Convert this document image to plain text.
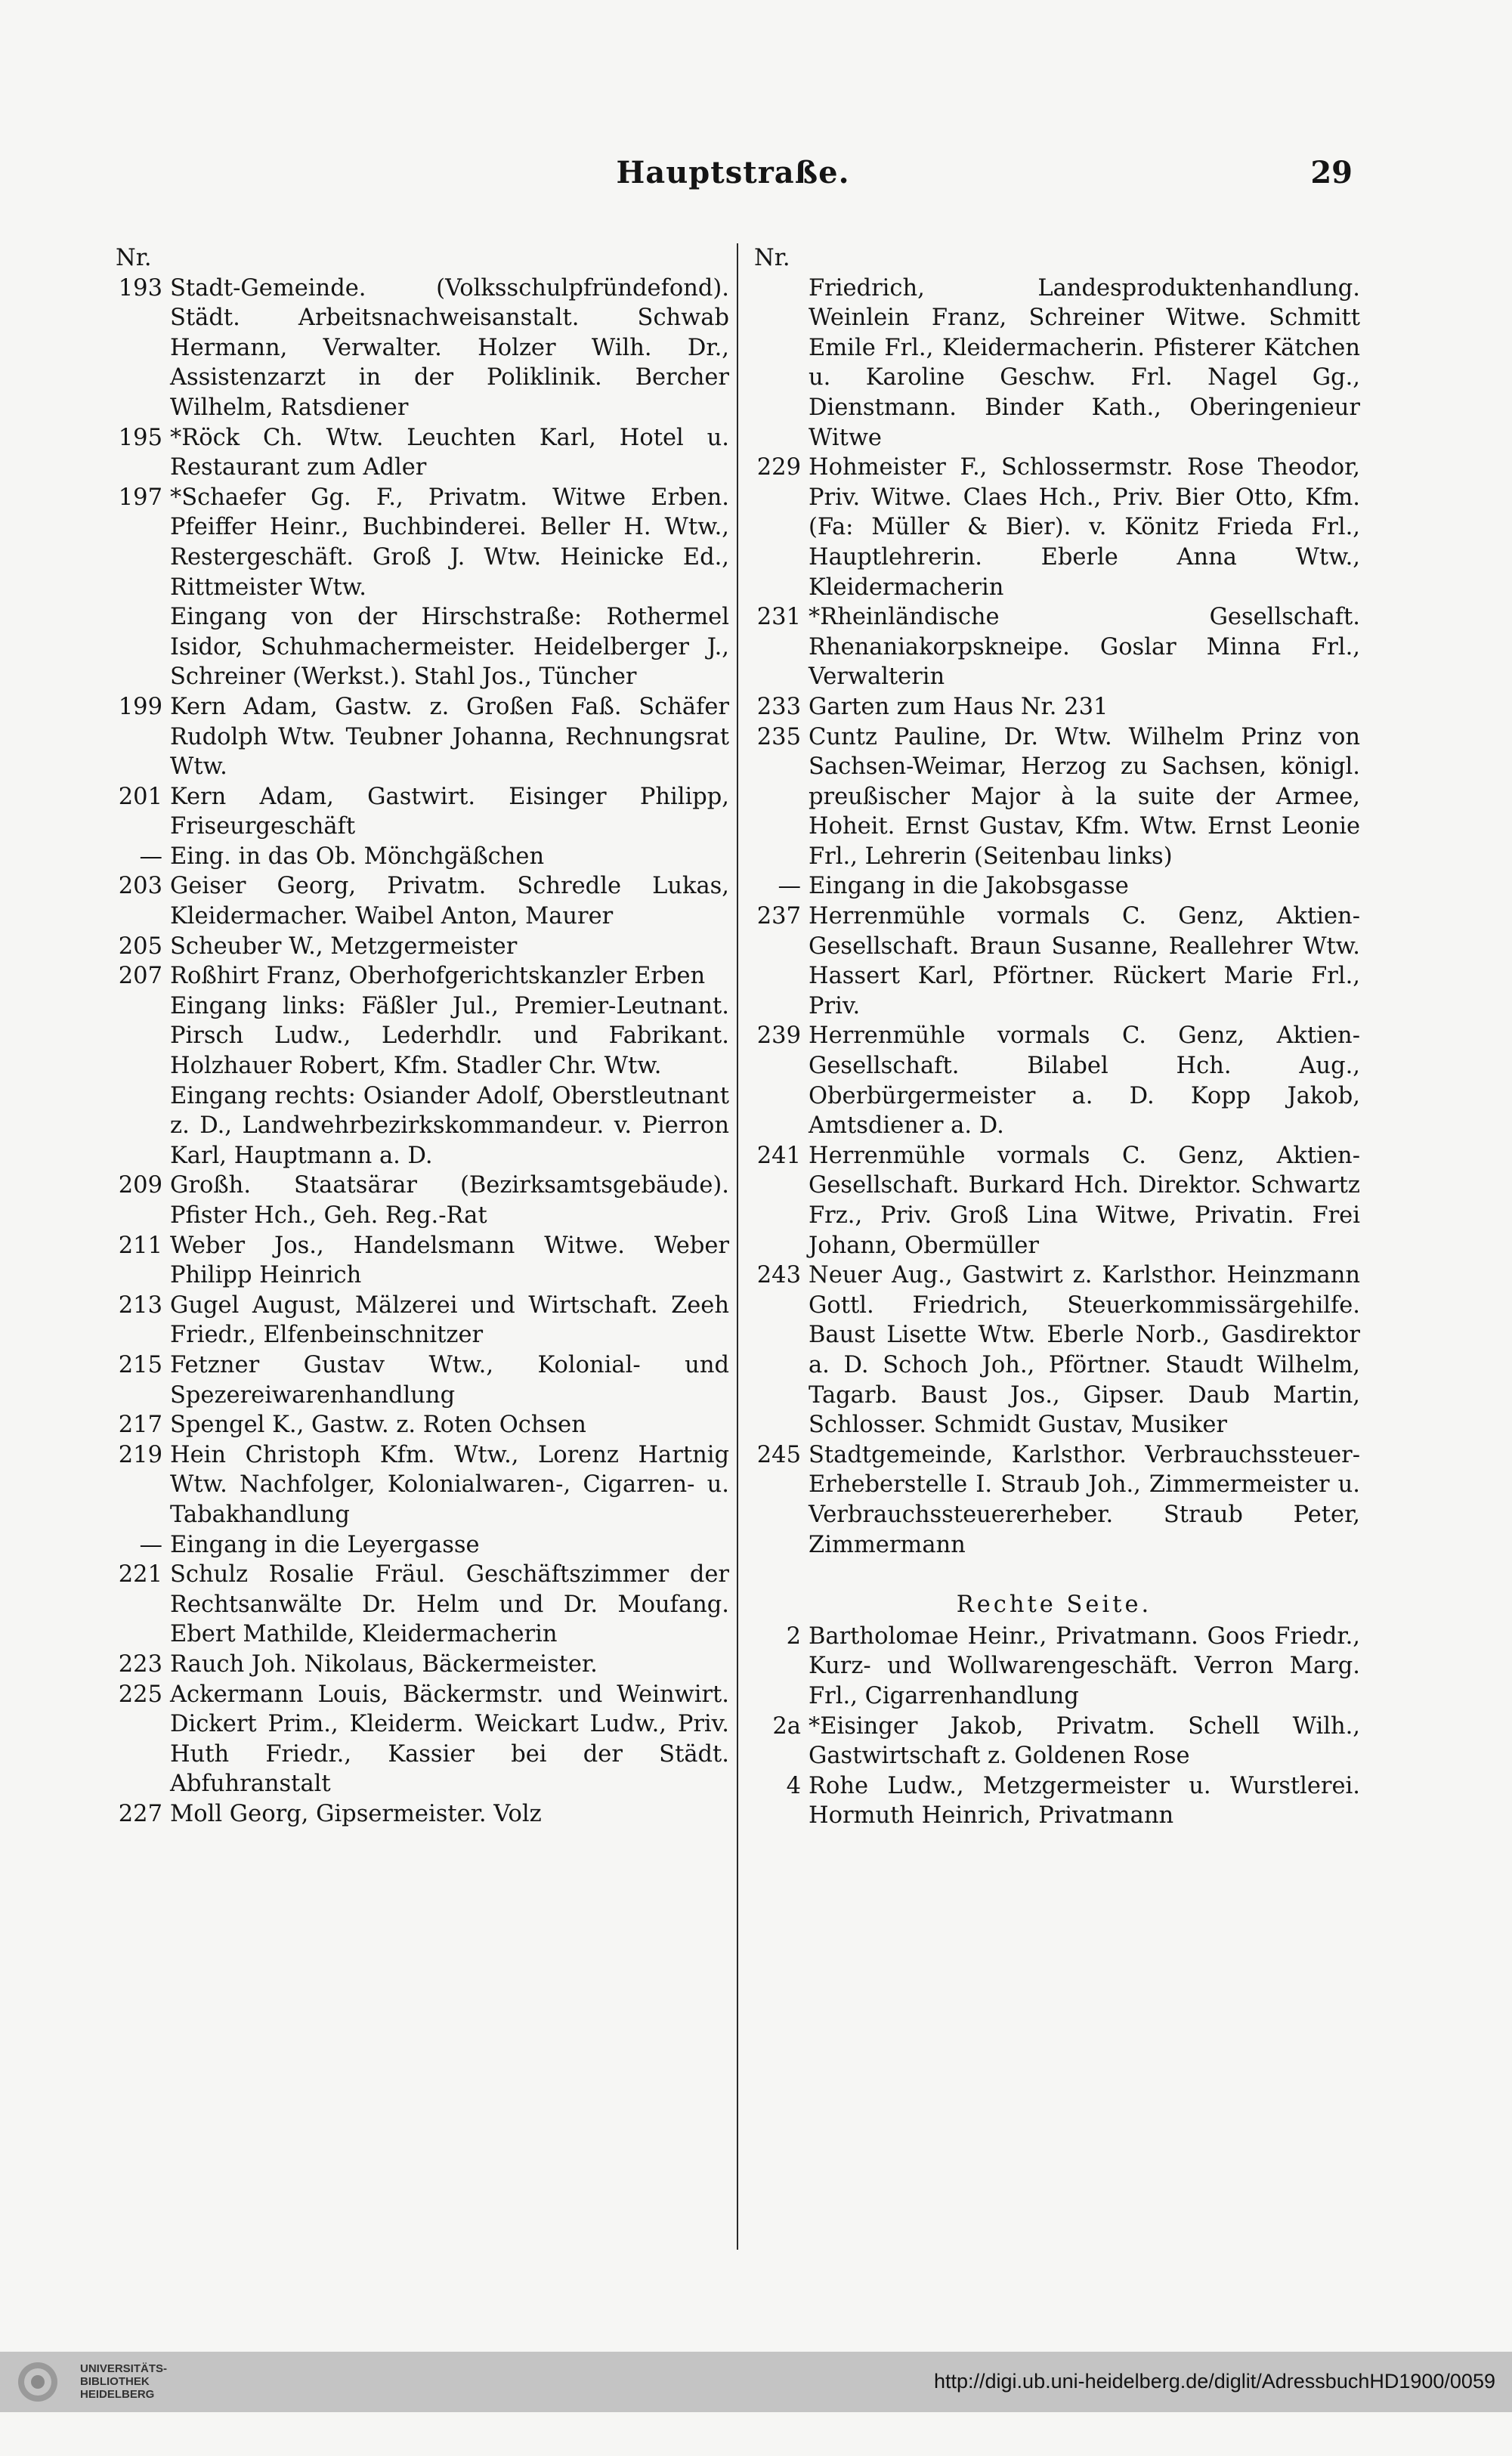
Hauptstraße.	29
Nr.
193 Stadt-Gemeinde. (Volksschulpfründefond). Städt. Arbeitsnachweisanstalt. Schwab Hermann, Verwalter. Holzer Wilh. Dr., Assistenzarzt in der Poliklinik. Bercher Wilhelm, Ratsdiener
195 *Röck Ch. Wtw. Leuchten Karl, Hotel u. Restaurant zum Adler
197 *Schaefer Gg. F., Privatm. Witwe Erben. Pfeiffer Heinr., Buchbinderei. Beller H. Wtw., Restergeschäft. Groß J. Wtw. Heinicke Ed., Rittmeister Wtw.
Eingang von der Hirschstraße: Rothermel Isidor, Schuhmachermeister. Heidelberger J., Schreiner (Werkst.). Stahl Jos., Tüncher
199 Kern Adam, Gastw. z. Großen Faß. Schäfer Rudolph Wtw. Teubner Johanna, Rechnungsrat Wtw.
201 Kern Adam, Gastwirt. Eisinger Philipp, Friseurgeschäft
— Eing. in das Ob. Mönchgäßchen
203 Geiser Georg, Privatm. Schredle Lukas, Kleidermacher. Waibel Anton, Maurer
205 Scheuber W., Metzgermeister
207 Roßhirt Franz, Oberhofgerichtskanzler Erben
Eingang links: Fäßler Jul., Premier-Leutnant. Pirsch Ludw., Lederhdlr. und Fabrikant. Holzhauer Robert, Kfm. Stadler Chr. Wtw.
Eingang rechts: Osiander Adolf, Oberstleutnant z. D., Landwehrbezirkskommandeur. v. Pierron Karl, Hauptmann a. D.
209 Großh. Staatsärar (Bezirksamtsgebäude). Pfister Hch., Geh. Reg.-Rat
211 Weber Jos., Handelsmann Witwe. Weber Philipp Heinrich
213 Gugel August, Mälzerei und Wirtschaft. Zeeh Friedr., Elfenbeinschnitzer
215 Fetzner Gustav Wtw., Kolonial- und Spezereiwarenhandlung
217 Spengel K., Gastw. z. Roten Ochsen
219 Hein Christoph Kfm. Wtw., Lorenz Hartnig Wtw. Nachfolger, Kolonialwaren-, Cigarren- u. Tabakhandlung
— Eingang in die Leyergasse
221 Schulz Rosalie Fräul. Geschäftszimmer der Rechtsanwälte Dr. Helm und Dr. Moufang. Ebert Mathilde, Kleidermacherin
223 Rauch Joh. Nikolaus, Bäckermeister.
225 Ackermann Louis, Bäckermstr. und Weinwirt. Dickert Prim., Kleiderm. Weickart Ludw., Priv. Huth Friedr., Kassier bei der Städt. Abfuhranstalt
227 Moll Georg, Gipsermeister. Volz
Nr.
Friedrich, Landesproduktenhandlung. Weinlein Franz, Schreiner Witwe. Schmitt Emile Frl., Kleidermacherin. Pfisterer Kätchen u. Karoline Geschw. Frl. Nagel Gg., Dienstmann. Binder Kath., Oberingenieur Witwe
229 Hohmeister F., Schlossermstr. Rose Theodor, Priv. Witwe. Claes Hch., Priv. Bier Otto, Kfm. (Fa: Müller & Bier). v. Könitz Frieda Frl., Hauptlehrerin. Eberle Anna Wtw., Kleidermacherin
231 *Rheinländische Gesellschaft. Rhenaniakorpskneipe. Goslar Minna Frl., Verwalterin
233 Garten zum Haus Nr. 231
235 Cuntz Pauline, Dr. Wtw. Wilhelm Prinz von Sachsen-Weimar, Herzog zu Sachsen, königl. preußischer Major à la suite der Armee, Hoheit. Ernst Gustav, Kfm. Wtw. Ernst Leonie Frl., Lehrerin (Seitenbau links)
— Eingang in die Jakobsgasse
237 Herrenmühle vormals C. Genz, Aktien-Gesellschaft. Braun Susanne, Reallehrer Wtw. Hassert Karl, Pförtner. Rückert Marie Frl., Priv.
239 Herrenmühle vormals C. Genz, Aktien-Gesellschaft. Bilabel Hch. Aug., Oberbürgermeister a. D. Kopp Jakob, Amtsdiener a. D.
241 Herrenmühle vormals C. Genz, Aktien-Gesellschaft. Burkard Hch. Direktor. Schwartz Frz., Priv. Groß Lina Witwe, Privatin. Frei Johann, Obermüller
243 Neuer Aug., Gastwirt z. Karlsthor. Heinzmann Gottl. Friedrich, Steuerkommissärgehilfe. Baust Lisette Wtw. Eberle Norb., Gasdirektor a. D. Schoch Joh., Pförtner. Staudt Wilhelm, Tagarb. Baust Jos., Gipser. Daub Martin, Schlosser. Schmidt Gustav, Musiker
245 Stadtgemeinde, Karlsthor. Verbrauchssteuer-Erheberstelle I. Straub Joh., Zimmermeister u. Verbrauchssteuererheber. Straub Peter, Zimmermann
Rechte Seite.
2 Bartholomae Heinr., Privatmann. Goos Friedr., Kurz- und Wollwarengeschäft. Verron Marg. Frl., Cigarrenhandlung
2a *Eisinger Jakob, Privatm. Schell Wilh., Gastwirtschaft z. Goldenen Rose
4 Rohe Ludw., Metzgermeister u. Wurstlerei. Hormuth Heinrich, Privatmann
UNIVERSITÄTS-
BIBLIOTHEK
HEIDELBERG
http://digi.ub.uni-heidelberg.de/diglit/AdressbuchHD1900/0059
